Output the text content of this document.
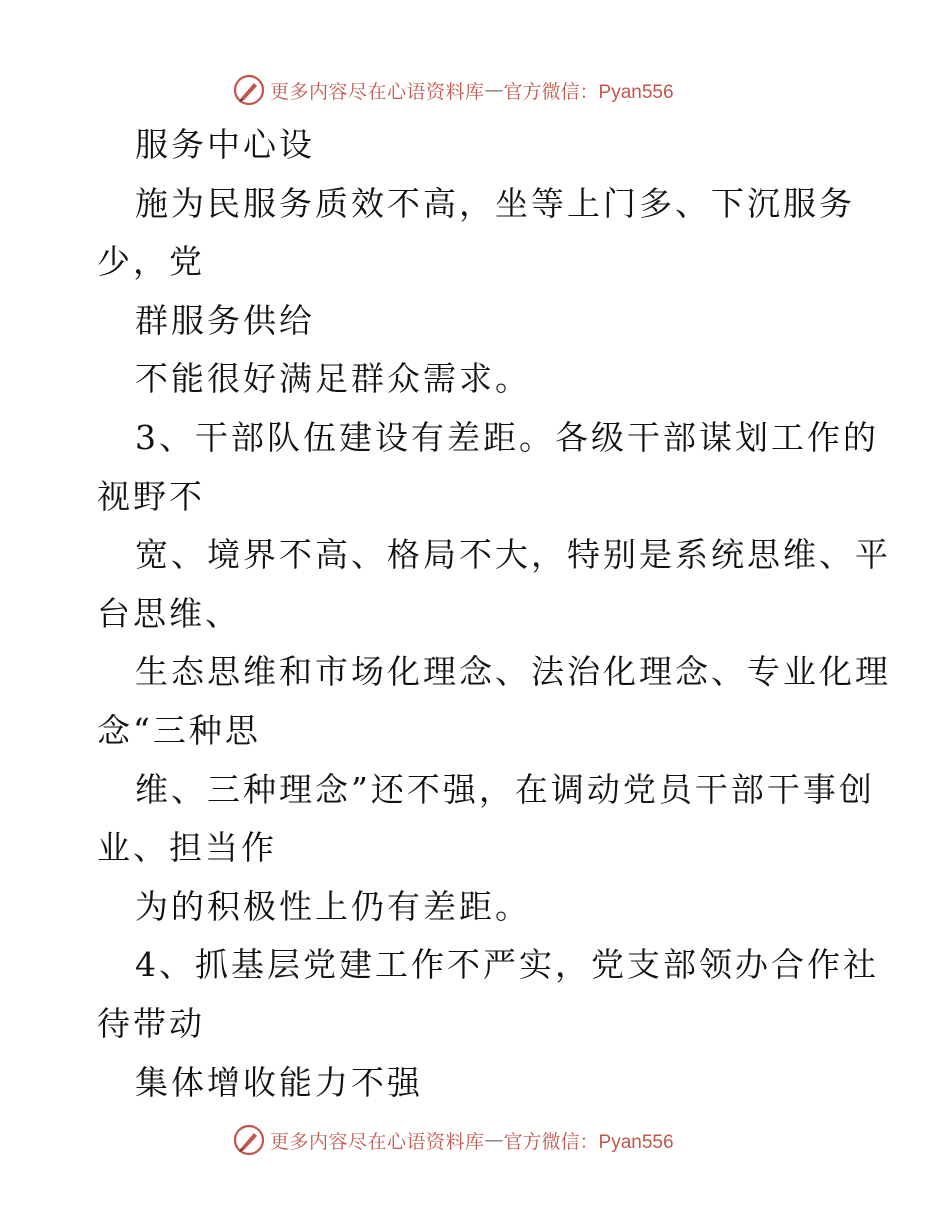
更多内容尽在心语资料库 — 官方微信：Pyan556
服务中心设
施为民服务质效不高，坐等上门多、下沉服务
少，党
群服务供给
不能很好满足群众需求。
3、干部队伍建设有差距。各级干部谋划工作的
视野不
宽、境界不高、格局不大，特别是系统思维、平
台思维、
生态思维和市场化理念、法治化理念、专业化理
念“三种思
维、三种理念”还不强，在调动党员干部干事创
业、担当作
为的积极性上仍有差距。
4、抓基层党建工作不严实，党支部领办合作社
待带动
集体增收能力不强
更多内容尽在心语资料库 — 官方微信：Pyan556
